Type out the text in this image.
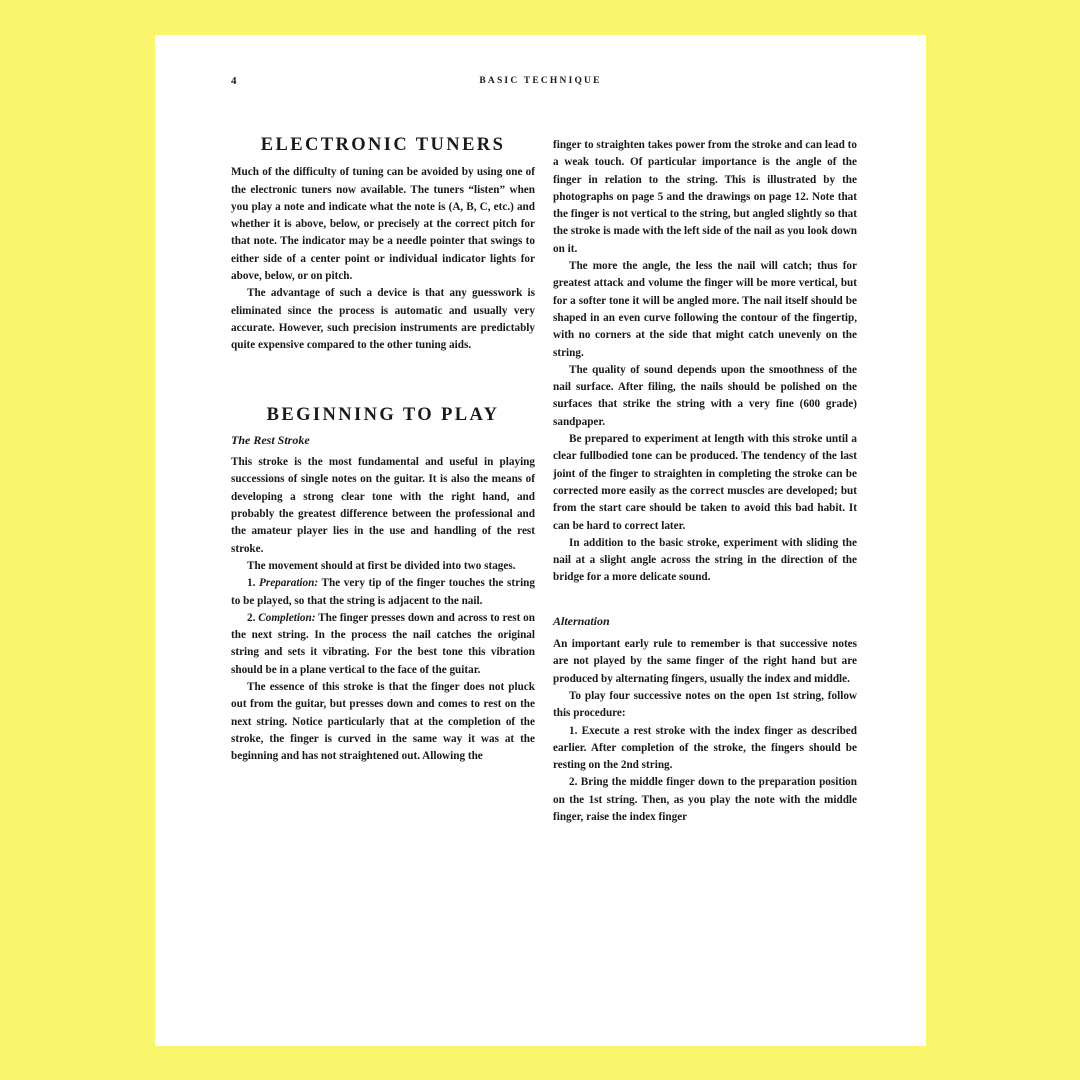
4	BASIC TECHNIQUE
ELECTRONIC TUNERS

Much of the difficulty of tuning can be avoided by using one of the electronic tuners now available. The tuners “listen” when you play a note and indicate what the note is (A, B, C, etc.) and whether it is above, below, or precisely at the correct pitch for that note. The indicator may be a needle pointer that swings to either side of a center point or individual indicator lights for above, below, or on pitch.

The advantage of such a device is that any guesswork is eliminated since the process is automatic and usually very accurate. However, such precision instruments are predictably quite expensive compared to the other tuning aids.

BEGINNING TO PLAY
The Rest Stroke

This stroke is the most fundamental and useful in playing successions of single notes on the guitar. It is also the means of developing a strong clear tone with the right hand, and probably the greatest difference between the professional and the amateur player lies in the use and handling of the rest stroke.

The movement should at first be divided into two stages.

1. Preparation: The very tip of the finger touches the string to be played, so that the string is adjacent to the nail.

2. Completion: The finger presses down and across to rest on the next string. In the process the nail catches the original string and sets it vibrating. For the best tone this vibration should be in a plane vertical to the face of the guitar.

The essence of this stroke is that the finger does not pluck out from the guitar, but presses down and comes to rest on the next string. Notice particularly that at the completion of the stroke, the finger is curved in the same way it was at the beginning and has not straightened out. Allowing the

finger to straighten takes power from the stroke and can lead to a weak touch. Of particular importance is the angle of the finger in relation to the string. This is illustrated by the photographs on page 5 and the drawings on page 12. Note that the finger is not vertical to the string, but angled slightly so that the stroke is made with the left side of the nail as you look down on it.

The more the angle, the less the nail will catch; thus for greatest attack and volume the finger will be more vertical, but for a softer tone it will be angled more. The nail itself should be shaped in an even curve following the contour of the fingertip, with no corners at the side that might catch unevenly on the string.

The quality of sound depends upon the smoothness of the nail surface. After filing, the nails should be polished on the surfaces that strike the string with a very fine (600 grade) sandpaper.

Be prepared to experiment at length with this stroke until a clear fullbodied tone can be produced. The tendency of the last joint of the finger to straighten in completing the stroke can be corrected more easily as the correct muscles are developed; but from the start care should be taken to avoid this bad habit. It can be hard to correct later.

In addition to the basic stroke, experiment with sliding the nail at a slight angle across the string in the direction of the bridge for a more delicate sound.

Alternation

An important early rule to remember is that successive notes are not played by the same finger of the right hand but are produced by alternating fingers, usually the index and middle.

To play four successive notes on the open 1st string, follow this procedure:

1. Execute a rest stroke with the index finger as described earlier. After completion of the stroke, the fingers should be resting on the 2nd string.

2. Bring the middle finger down to the preparation position on the 1st string. Then, as you play the note with the middle finger, raise the index finger
